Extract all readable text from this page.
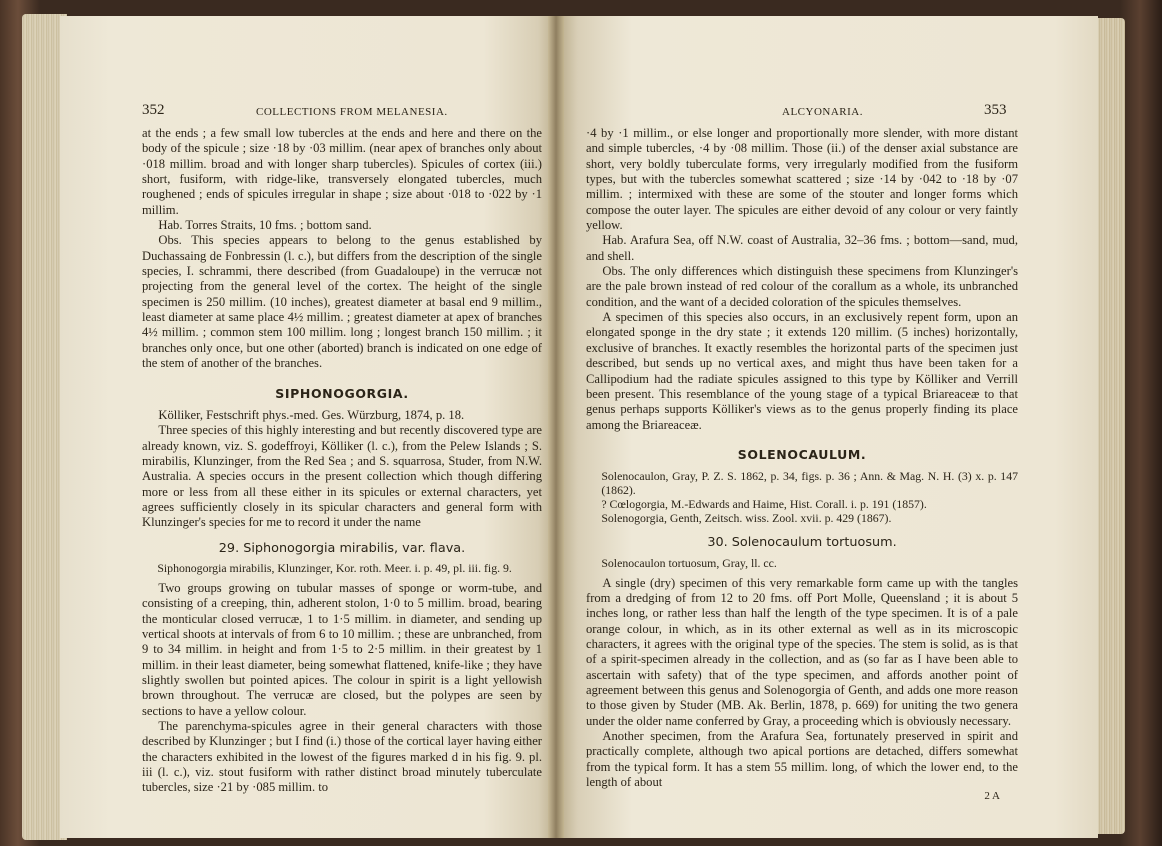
352	COLLECTIONS FROM MELANESIA.

at the ends ; a few small low tubercles at the ends and here and there on the body of the spicule ; size ·18 by ·03 millim. (near apex of branches only about ·018 millim. broad and with longer sharp tubercles). Spicules of cortex (iii.) short, fusiform, with ridge-like, transversely elongated tubercles, much roughened ; ends of spicules irregular in shape ; size about ·018 to ·022 by ·1 millim.

Hab. Torres Straits, 10 fms. ; bottom sand.

Obs. This species appears to belong to the genus established by Duchassaing de Fonbressin (l. c.), but differs from the description of the single species, I. schrammi, there described (from Guadaloupe) in the verrucæ not projecting from the general level of the cortex. The height of the single specimen is 250 millim. (10 inches), greatest diameter at basal end 9 millim., least diameter at same place 4½ millim. ; greatest diameter at apex of branches 4½ millim. ; common stem 100 millim. long ; longest branch 150 millim. ; it branches only once, but one other (aborted) branch is indicated on one edge of the stem of another of the branches.

SIPHONOGORGIA.

Kölliker, Festschrift phys.-med. Ges. Würzburg, 1874, p. 18.

Three species of this highly interesting and but recently discovered type are already known, viz. S. godeffroyi, Kölliker (l. c.), from the Pelew Islands ; S. mirabilis, Klunzinger, from the Red Sea ; and S. squarrosa, Studer, from N.W. Australia. A species occurs in the present collection which though differing more or less from all these either in its spicules or external characters, yet agrees sufficiently closely in its spicular characters and general form with Klunzinger's species for me to record it under the name

29. Siphonogorgia mirabilis, var. flava.

Siphonogorgia mirabilis, Klunzinger, Kor. roth. Meer. i. p. 49, pl. iii. fig. 9.

Two groups growing on tubular masses of sponge or worm-tube, and consisting of a creeping, thin, adherent stolon, 1·0 to 5 millim. broad, bearing the monticular closed verrucæ, 1 to 1·5 millim. in diameter, and sending up vertical shoots at intervals of from 6 to 10 millim. ; these are unbranched, from 9 to 34 millim. in height and from 1·5 to 2·5 millim. in their greatest by 1 millim. in their least diameter, being somewhat flattened, knife-like ; they have slightly swollen but pointed apices. The colour in spirit is a light yellowish brown throughout. The verrucæ are closed, but the polypes are seen by sections to have a yellow colour.

The parenchyma-spicules agree in their general characters with those described by Klunzinger ; but I find (i.) those of the cortical layer having either the characters exhibited in the lowest of the figures marked d in his fig. 9. pl. iii (l. c.), viz. stout fusiform with rather distinct broad minutely tuberculate tubercles, size ·21 by ·085 millim. to

ALCYONARIA.	353

·4 by ·1 millim., or else longer and proportionally more slender, with more distant and simple tubercles, ·4 by ·08 millim. Those (ii.) of the denser axial substance are short, very boldly tuberculate forms, very irregularly modified from the fusiform types, but with the tubercles somewhat scattered ; size ·14 by ·042 to ·18 by ·07 millim. ; intermixed with these are some of the stouter and longer forms which compose the outer layer. The spicules are either devoid of any colour or very faintly yellow.

Hab. Arafura Sea, off N.W. coast of Australia, 32–36 fms. ; bottom—sand, mud, and shell.

Obs. The only differences which distinguish these specimens from Klunzinger's are the pale brown instead of red colour of the corallum as a whole, its unbranched condition, and the want of a decided coloration of the spicules themselves.

A specimen of this species also occurs, in an exclusively repent form, upon an elongated sponge in the dry state ; it extends 120 millim. (5 inches) horizontally, exclusive of branches. It exactly resembles the horizontal parts of the specimen just described, but sends up no vertical axes, and might thus have been taken for a Callipodium had the radiate spicules assigned to this type by Kölliker and Verrill been present. This resemblance of the young stage of a typical Briareaceæ to that genus perhaps supports Kölliker's views as to the genus properly finding its place among the Briareaceæ.

SOLENOCAULUM.

Solenocaulon, Gray, P. Z. S. 1862, p. 34, figs. p. 36 ; Ann. & Mag. N. H. (3) x. p. 147 (1862).

? Cœlogorgia, M.-Edwards and Haime, Hist. Corall. i. p. 191 (1857).

Solenogorgia, Genth, Zeitsch. wiss. Zool. xvii. p. 429 (1867).

30. Solenocaulum tortuosum.

Solenocaulon tortuosum, Gray, ll. cc.

A single (dry) specimen of this very remarkable form came up with the tangles from a dredging of from 12 to 20 fms. off Port Molle, Queensland ; it is about 5 inches long, or rather less than half the length of the type specimen. It is of a pale orange colour, in which, as in its other external as well as in its microscopic characters, it agrees with the original type of the species. The stem is solid, as is that of a spirit-specimen already in the collection, and as (so far as I have been able to ascertain with safety) that of the type specimen, and affords another point of agreement between this genus and Solenogorgia of Genth, and adds one more reason to those given by Studer (MB. Ak. Berlin, 1878, p. 669) for uniting the two genera under the older name conferred by Gray, a proceeding which is obviously necessary.

Another specimen, from the Arafura Sea, fortunately preserved in spirit and practically complete, although two apical portions are detached, differs somewhat from the typical form. It has a stem 55 millim. long, of which the lower end, to the length of about

2 A
